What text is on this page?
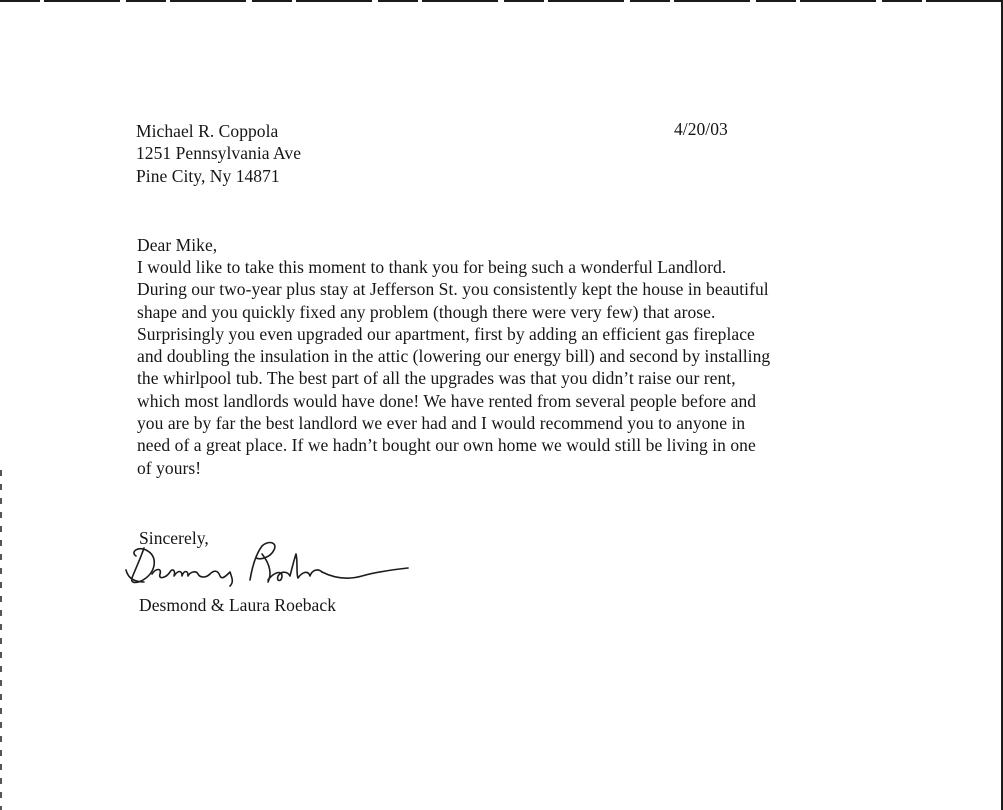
Michael R. Coppola
1251 Pennsylvania Ave
Pine City, Ny 14871
4/20/03
Dear Mike,
I would like to take this moment to thank you for being such a wonderful Landlord.
During our two-year plus stay at Jefferson St. you consistently kept the house in beautiful
shape and you quickly fixed any problem (though there were very few) that arose.
Surprisingly you even upgraded our apartment, first by adding an efficient gas fireplace
and doubling the insulation in the attic (lowering our energy bill) and second by installing
the whirlpool tub. The best part of all the upgrades was that you didn’t raise our rent,
which most landlords would have done! We have rented from several people before and
you are by far the best landlord we ever had and I would recommend you to anyone in
need of a great place. If we hadn’t bought our own home we would still be living in one
of yours!
Sincerely,
Desmond & Laura Roeback
